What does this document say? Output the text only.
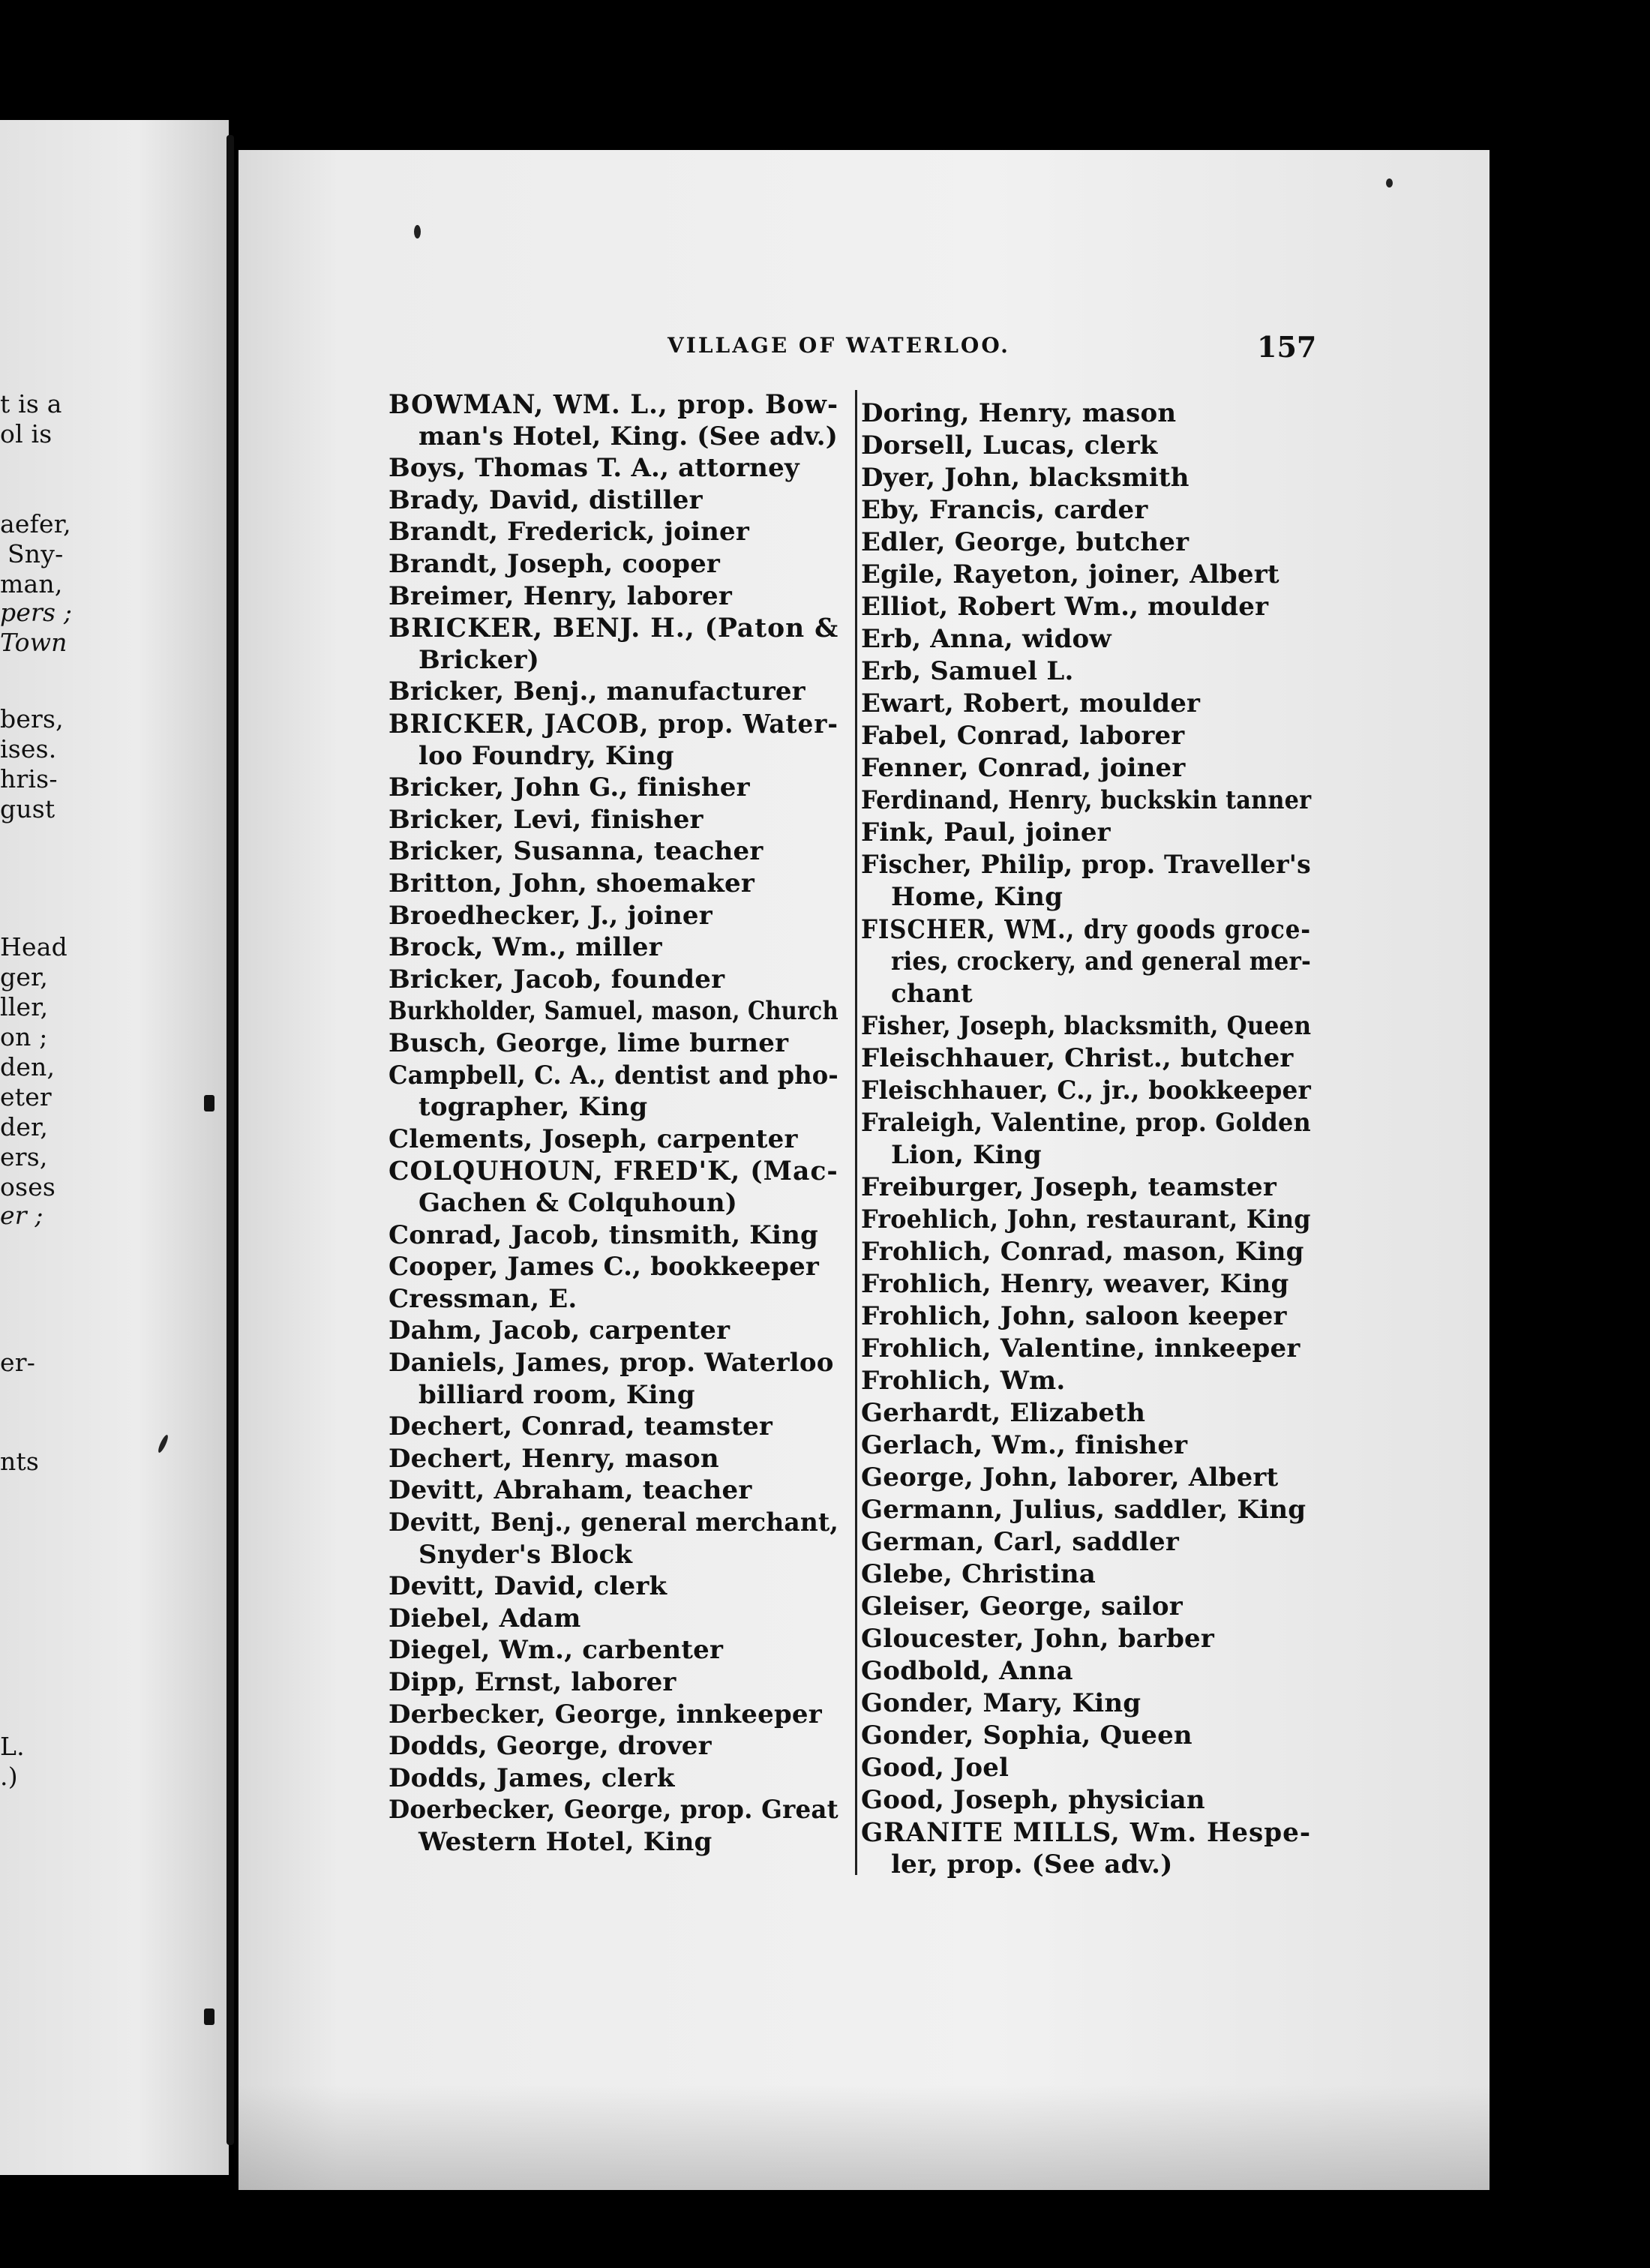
t is a
ol is
aefer,
Sny-
man,
pers ;
Town
bers,
ises.
hris-
gust
Head
ger,
ller,
on ;
den,
eter
der,
ers,
oses
er ;
er-
nts
L.
.)
VILLAGE OF WATERLOO.	157
BOWMAN, WM. L., prop. Bow-
man's Hotel, King. (See adv.)
Boys, Thomas T. A., attorney
Brady, David, distiller
Brandt, Frederick, joiner
Brandt, Joseph, cooper
Breimer, Henry, laborer
BRICKER, BENJ. H., (Paton &
Bricker)
Bricker, Benj., manufacturer
BRICKER, JACOB, prop. Water-
loo Foundry, King
Bricker, John G., finisher
Bricker, Levi, finisher
Bricker, Susanna, teacher
Britton, John, shoemaker
Broedhecker, J., joiner
Brock, Wm., miller
Bricker, Jacob, founder
Burkholder, Samuel, mason, Church
Busch, George, lime burner
Campbell, C. A., dentist and pho-
tographer, King
Clements, Joseph, carpenter
COLQUHOUN, FRED'K, (Mac-
Gachen & Colquhoun)
Conrad, Jacob, tinsmith, King
Cooper, James C., bookkeeper
Cressman, E.
Dahm, Jacob, carpenter
Daniels, James, prop. Waterloo
billiard room, King
Dechert, Conrad, teamster
Dechert, Henry, mason
Devitt, Abraham, teacher
Devitt, Benj., general merchant,
Snyder's Block
Devitt, David, clerk
Diebel, Adam
Diegel, Wm., carbenter
Dipp, Ernst, laborer
Derbecker, George, innkeeper
Dodds, George, drover
Dodds, James, clerk
Doerbecker, George, prop. Great
Western Hotel, King
Doring, Henry, mason
Dorsell, Lucas, clerk
Dyer, John, blacksmith
Eby, Francis, carder
Edler, George, butcher
Egile, Rayeton, joiner, Albert
Elliot, Robert Wm., moulder
Erb, Anna, widow
Erb, Samuel L.
Ewart, Robert, moulder
Fabel, Conrad, laborer
Fenner, Conrad, joiner
Ferdinand, Henry, buckskin tanner
Fink, Paul, joiner
Fischer, Philip, prop. Traveller's
Home, King
FISCHER, WM., dry goods groce-
ries, crockery, and general mer-
chant
Fisher, Joseph, blacksmith, Queen
Fleischhauer, Christ., butcher
Fleischhauer, C., jr., bookkeeper
Fraleigh, Valentine, prop. Golden
Lion, King
Freiburger, Joseph, teamster
Froehlich, John, restaurant, King
Frohlich, Conrad, mason, King
Frohlich, Henry, weaver, King
Frohlich, John, saloon keeper
Frohlich, Valentine, innkeeper
Frohlich, Wm.
Gerhardt, Elizabeth
Gerlach, Wm., finisher
George, John, laborer, Albert
Germann, Julius, saddler, King
German, Carl, saddler
Glebe, Christina
Gleiser, George, sailor
Gloucester, John, barber
Godbold, Anna
Gonder, Mary, King
Gonder, Sophia, Queen
Good, Joel
Good, Joseph, physician
GRANITE MILLS, Wm. Hespe-
ler, prop. (See adv.)
